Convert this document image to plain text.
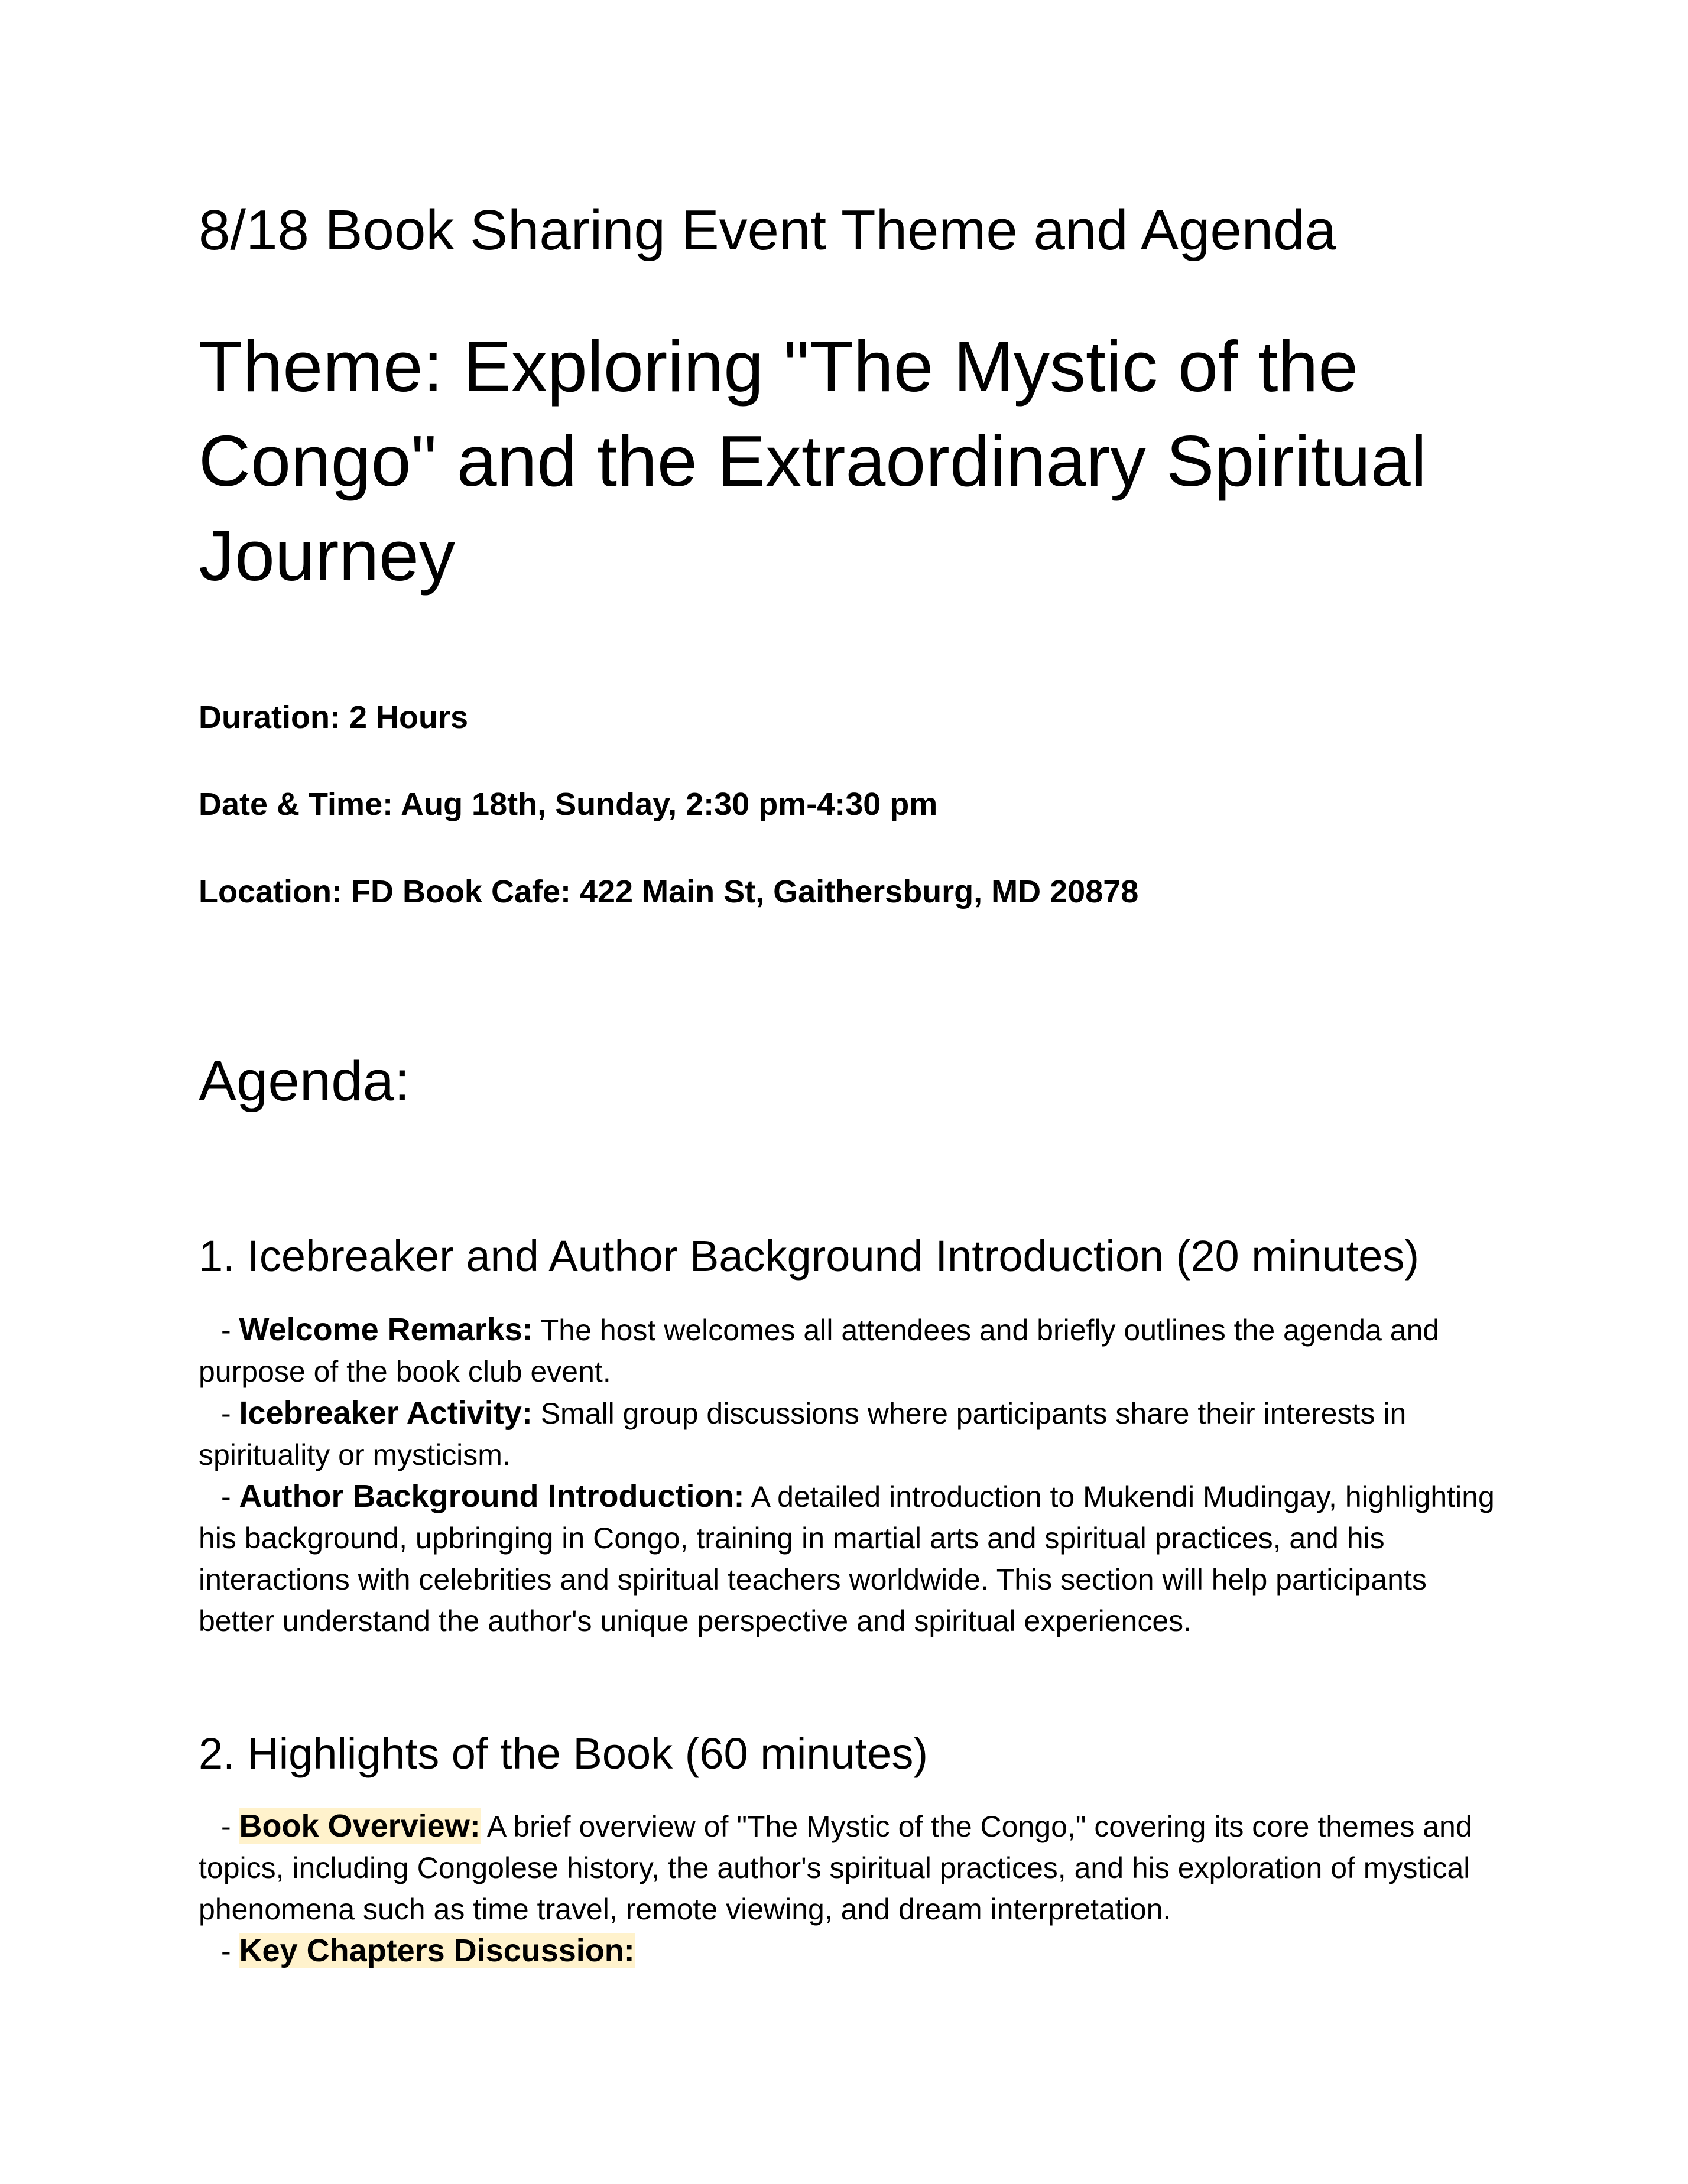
8/18 Book Sharing Event Theme and Agenda
Theme: Exploring "The Mystic of the Congo" and the Extraordinary Spiritual Journey
Duration: 2 Hours
Date & Time: Aug 18th, Sunday, 2:30 pm-4:30 pm
Location: FD Book Cafe: 422 Main St, Gaithersburg, MD 20878
Agenda:
1. Icebreaker and Author Background Introduction (20 minutes)

- Welcome Remarks: The host welcomes all attendees and briefly outlines the agenda and purpose of the book club event.

- Icebreaker Activity: Small group discussions where participants share their interests in spirituality or mysticism.

- Author Background Introduction: A detailed introduction to Mukendi Mudingay, highlighting his background, upbringing in Congo, training in martial arts and spiritual practices, and his interactions with celebrities and spiritual teachers worldwide. This section will help participants better understand the author's unique perspective and spiritual experiences.

2. Highlights of the Book (60 minutes)

- Book Overview: A brief overview of "The Mystic of the Congo," covering its core themes and topics, including Congolese history, the author's spiritual practices, and his exploration of mystical phenomena such as time travel, remote viewing, and dream interpretation.

- Key Chapters Discussion:
